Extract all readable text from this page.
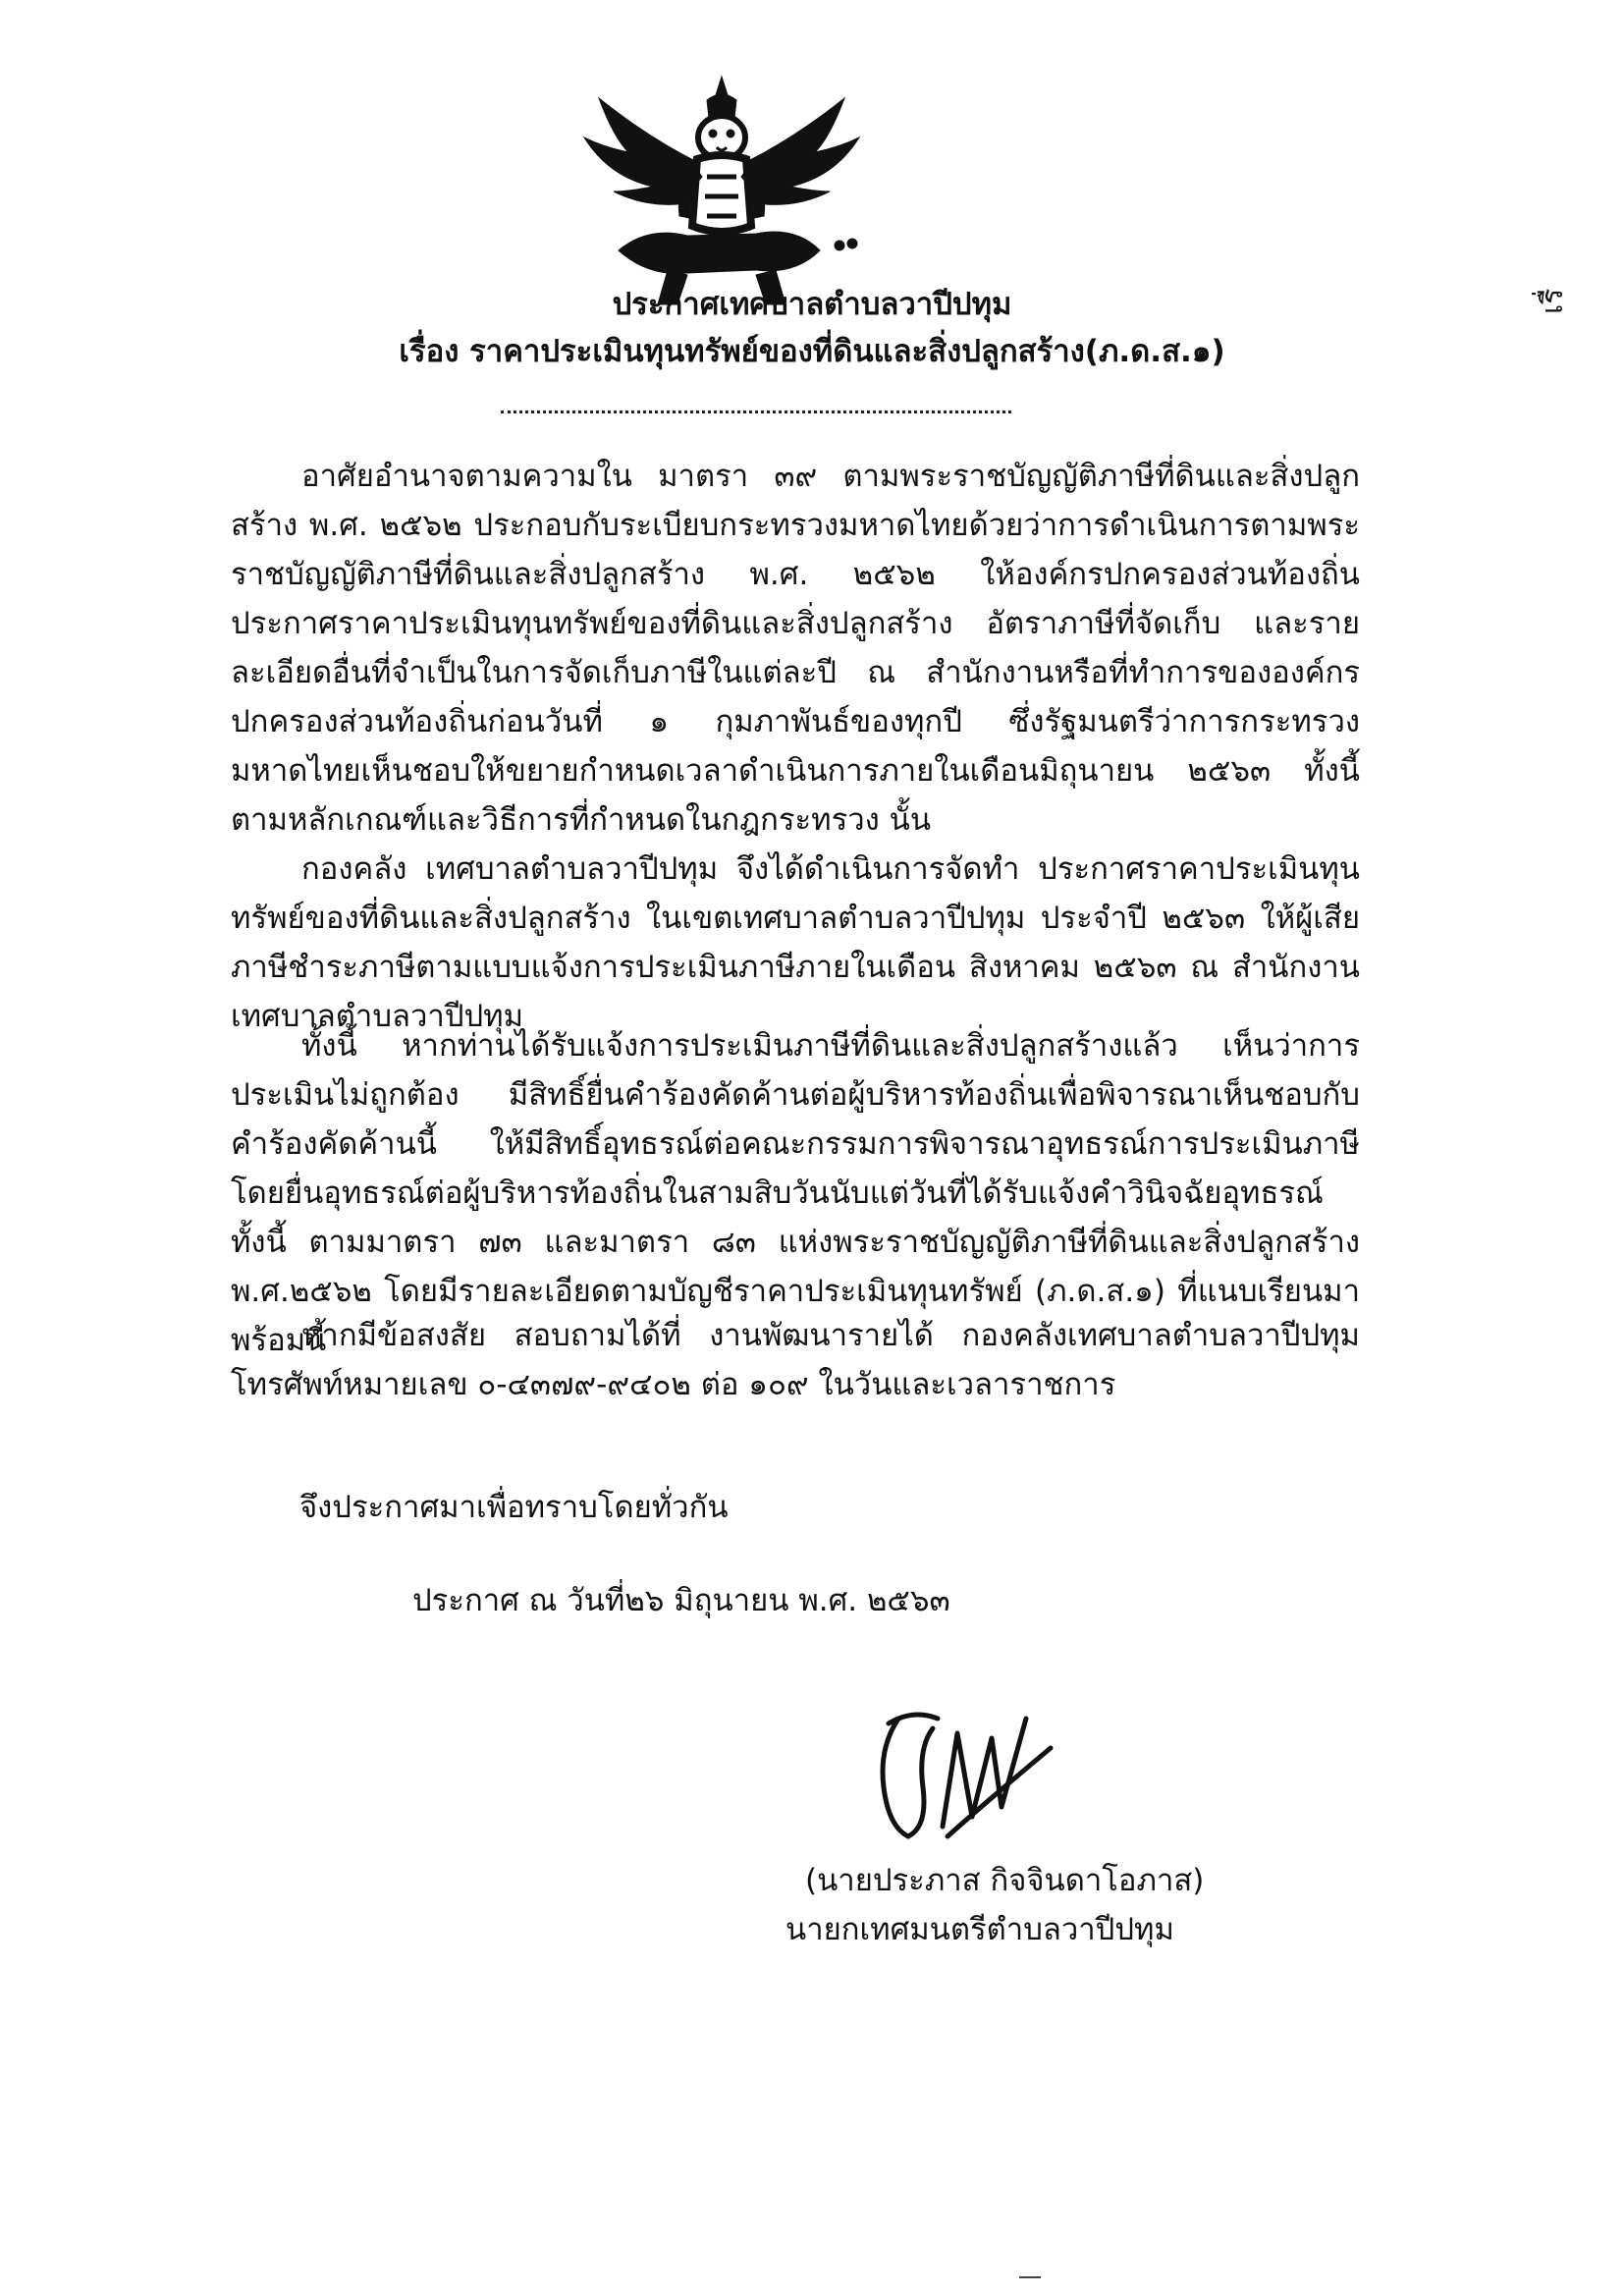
เรื่
ประกาศเทศบาลตำบลวาปีปทุม
เรื่อง ราคาประเมินทุนทรัพย์ของที่ดินและสิ่งปลูกสร้าง(ภ.ด.ส.๑)
อาศัยอำนาจตามความใน มาตรา ๓๙ ตามพระราชบัญญัติภาษีที่ดินและสิ่งปลูกสร้าง พ.ศ. ๒๕๖๒ ประกอบกับระเบียบกระทรวงมหาดไทยด้วยว่าการดำเนินการตามพระราชบัญญัติภาษีที่ดินและสิ่งปลูกสร้าง พ.ศ. ๒๕๖๒ ให้องค์กรปกครองส่วนท้องถิ่นประกาศราคาประเมินทุนทรัพย์ของที่ดินและสิ่งปลูกสร้าง อัตราภาษีที่จัดเก็บ และรายละเอียดอื่นที่จำเป็นในการจัดเก็บภาษีในแต่ละปี ณ สำนักงานหรือที่ทำการขององค์กรปกครองส่วนท้องถิ่นก่อนวันที่ ๑ กุมภาพันธ์ของทุกปี ซึ่งรัฐมนตรีว่าการกระทรวงมหาดไทยเห็นชอบให้ขยายกำหนดเวลาดำเนินการภายในเดือนมิถุนายน ๒๕๖๓ ทั้งนี้ ตามหลักเกณฑ์และวิธีการที่กำหนดในกฎกระทรวง นั้น
กองคลัง เทศบาลตำบลวาปีปทุม จึงได้ดำเนินการจัดทำ ประกาศราคาประเมินทุนทรัพย์ของที่ดินและสิ่งปลูกสร้าง ในเขตเทศบาลตำบลวาปีปทุม ประจำปี ๒๕๖๓ ให้ผู้เสียภาษีชำระภาษีตามแบบแจ้งการประเมินภาษีภายในเดือน สิงหาคม ๒๕๖๓ ณ สำนักงานเทศบาลตำบลวาปีปทุม
ทั้งนี้ หากท่านได้รับแจ้งการประเมินภาษีที่ดินและสิ่งปลูกสร้างแล้ว เห็นว่าการประเมินไม่ถูกต้อง มีสิทธิ์ยื่นคำร้องคัดค้านต่อผู้บริหารท้องถิ่นเพื่อพิจารณาเห็นชอบกับคำร้องคัดค้านนี้ ให้มีสิทธิ์อุทธรณ์ต่อคณะกรรมการพิจารณาอุทธรณ์การประเมินภาษี โดยยื่นอุทธรณ์ต่อผู้บริหารท้องถิ่นในสามสิบวันนับแต่วันที่ได้รับแจ้งคำวินิจฉัยอุทธรณ์ ทั้งนี้ ตามมาตรา ๗๓ และมาตรา ๘๓ แห่งพระราชบัญญัติภาษีที่ดินและสิ่งปลูกสร้าง พ.ศ.๒๕๖๒ โดยมีรายละเอียดตามบัญชีราคาประเมินทุนทรัพย์ (ภ.ด.ส.๑) ที่แนบเรียนมาพร้อมนี้
หากมีข้อสงสัย สอบถามได้ที่ งานพัฒนารายได้ กองคลังเทศบาลตำบลวาปีปทุม โทรศัพท์หมายเลข ๐-๔๓๗๙-๙๔๐๒ ต่อ ๑๐๙ ในวันและเวลาราชการ
จึงประกาศมาเพื่อทราบโดยทั่วกัน
ประกาศ ณ วันที่๒๖ มิถุนายน พ.ศ. ๒๕๖๓
(นายประภาส กิจจินดาโอภาส)
นายกเทศมนตรีตำบลวาปีปทุม
